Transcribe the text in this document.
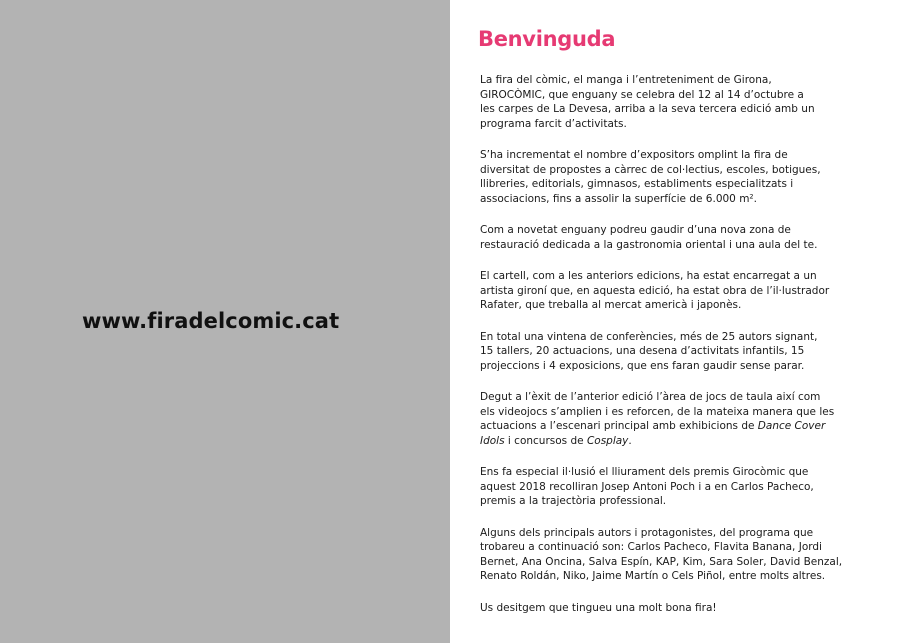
www.firadelcomic.cat
Benvinguda

La fira del còmic, el manga i l’entreteniment de Girona,
GIROCÒMIC, que enguany se celebra del 12 al 14 d’octubre a
les carpes de La Devesa, arriba a la seva tercera edició amb un
programa farcit d’activitats.

S’ha incrementat el nombre d’expositors omplint la fira de
diversitat de propostes a càrrec de col·lectius, escoles, botigues,
llibreries, editorials, gimnasos, establiments especialitzats i
associacions, fins a assolir la superfície de 6.000 m².

Com a novetat enguany podreu gaudir d’una nova zona de
restauració dedicada a la gastronomia oriental i una aula del te.

El cartell, com a les anteriors edicions, ha estat encarregat a un
artista gironí que, en aquesta edició, ha estat obra de l’il·lustrador
Rafater, que treballa al mercat americà i japonès.

En total una vintena de conferències, més de 25 autors signant,
15 tallers, 20 actuacions, una desena d’activitats infantils, 15
projeccions i 4 exposicions, que ens faran gaudir sense parar.

Degut a l’èxit de l’anterior edició l’àrea de jocs de taula així com
els videojocs s’amplien i es reforcen, de la mateixa manera que les
actuacions a l’escenari principal amb exhibicions de Dance Cover
Idols i concursos de Cosplay.

Ens fa especial il·lusió el lliurament dels premis Girocòmic que
aquest 2018 recolliran Josep Antoni Poch i a en Carlos Pacheco,
premis a la trajectòria professional.

Alguns dels principals autors i protagonistes, del programa que
trobareu a continuació son: Carlos Pacheco, Flavita Banana, Jordi
Bernet, Ana Oncina, Salva Espín, KAP, Kim, Sara Soler, David Benzal,
Renato Roldán, Niko, Jaime Martín o Cels Piñol, entre molts altres.

Us desitgem que tingueu una molt bona fira!
